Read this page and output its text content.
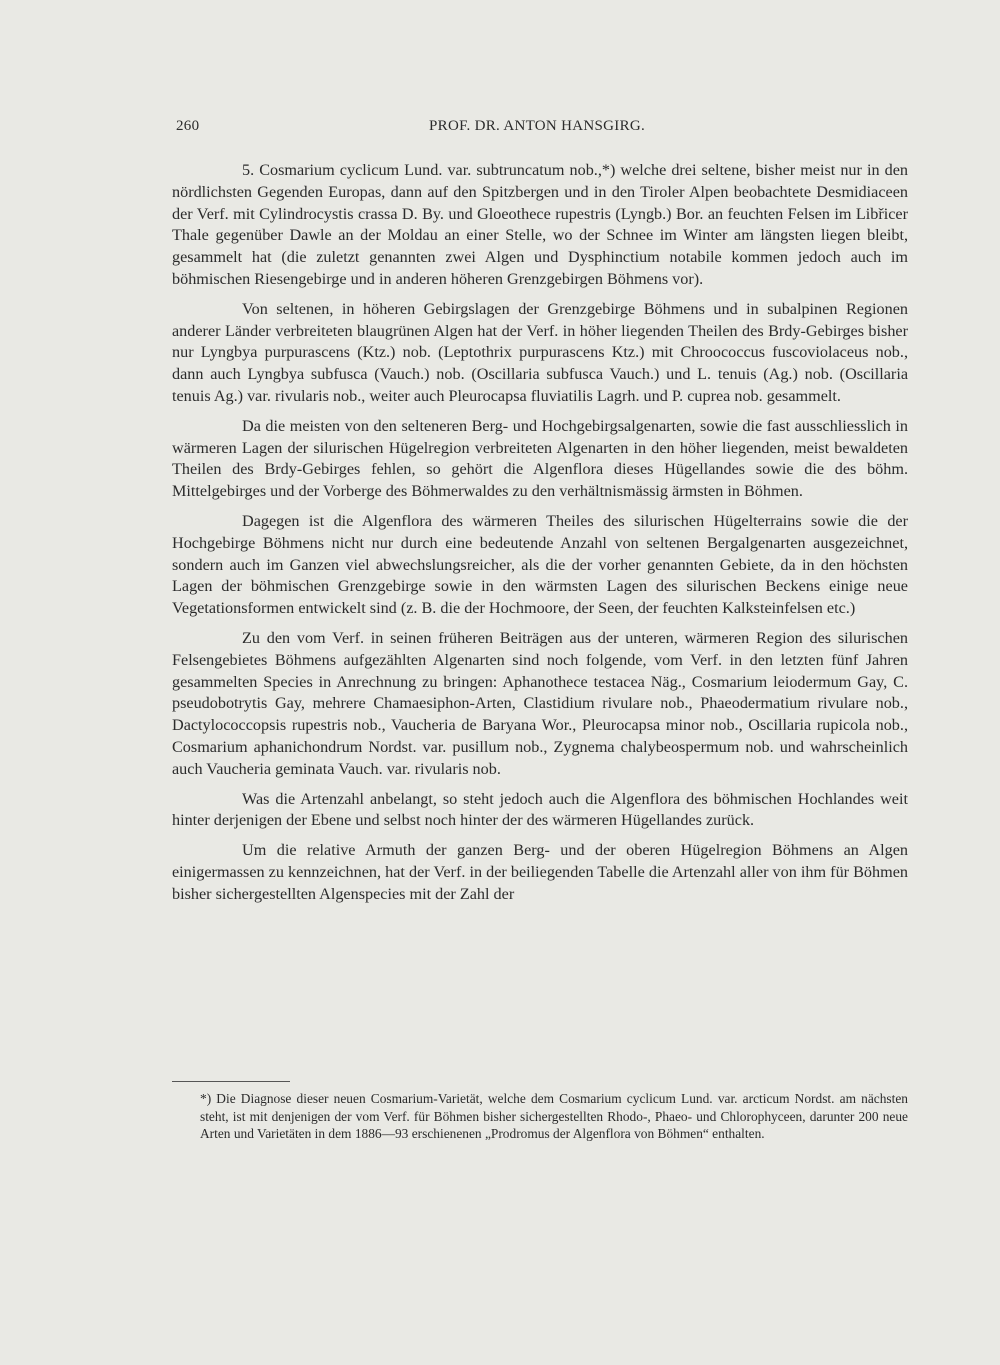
260	PROF. DR. ANTON HANSGIRG.

5. Cosmarium cyclicum Lund. var. subtruncatum nob.,*) welche drei seltene, bisher meist nur in den nördlichsten Gegenden Europas, dann auf den Spitzbergen und in den Tiroler Alpen beobachtete Desmidiaceen der Verf. mit Cylindrocystis crassa D. By. und Gloeothece rupestris (Lyngb.) Bor. an feuchten Felsen im Libřicer Thale gegenüber Dawle an der Moldau an einer Stelle, wo der Schnee im Winter am längsten liegen bleibt, gesammelt hat (die zuletzt genannten zwei Algen und Dysphinctium notabile kommen jedoch auch im böhmischen Riesengebirge und in anderen höheren Grenzgebirgen Böhmens vor).

Von seltenen, in höheren Gebirgslagen der Grenzgebirge Böhmens und in subalpinen Regionen anderer Länder verbreiteten blaugrünen Algen hat der Verf. in höher liegenden Theilen des Brdy-Gebirges bisher nur Lyngbya purpurascens (Ktz.) nob. (Leptothrix purpurascens Ktz.) mit Chroococcus fuscoviolaceus nob., dann auch Lyngbya subfusca (Vauch.) nob. (Oscillaria subfusca Vauch.) und L. tenuis (Ag.) nob. (Oscillaria tenuis Ag.) var. rivularis nob., weiter auch Pleurocapsa fluviatilis Lagrh. und P. cuprea nob. gesammelt.

Da die meisten von den selteneren Berg- und Hochgebirgsalgenarten, sowie die fast ausschliesslich in wärmeren Lagen der silurischen Hügelregion verbreiteten Algenarten in den höher liegenden, meist bewaldeten Theilen des Brdy-Gebirges fehlen, so gehört die Algenflora dieses Hügellandes sowie die des böhm. Mittelgebirges und der Vorberge des Böhmerwaldes zu den verhältnismässig ärmsten in Böhmen.

Dagegen ist die Algenflora des wärmeren Theiles des silurischen Hügelterrains sowie die der Hochgebirge Böhmens nicht nur durch eine bedeutende Anzahl von seltenen Bergalgenarten ausgezeichnet, sondern auch im Ganzen viel abwechslungsreicher, als die der vorher genannten Gebiete, da in den höchsten Lagen der böhmischen Grenzgebirge sowie in den wärmsten Lagen des silurischen Beckens einige neue Vegetationsformen entwickelt sind (z. B. die der Hochmoore, der Seen, der feuchten Kalksteinfelsen etc.)

Zu den vom Verf. in seinen früheren Beiträgen aus der unteren, wärmeren Region des silurischen Felsengebietes Böhmens aufgezählten Algenarten sind noch folgende, vom Verf. in den letzten fünf Jahren gesammelten Species in Anrechnung zu bringen: Aphanothece testacea Näg., Cosmarium leiodermum Gay, C. pseudobotrytis Gay, mehrere Chamaesiphon-Arten, Clastidium rivulare nob., Phaeodermatium rivulare nob., Dactylococcopsis rupestris nob., Vaucheria de Baryana Wor., Pleurocapsa minor nob., Oscillaria rupicola nob., Cosmarium aphanichondrum Nordst. var. pusillum nob., Zygnema chalybeospermum nob. und wahrscheinlich auch Vaucheria geminata Vauch. var. rivularis nob.

Was die Artenzahl anbelangt, so steht jedoch auch die Algenflora des böhmischen Hochlandes weit hinter derjenigen der Ebene und selbst noch hinter der des wärmeren Hügellandes zurück.

Um die relative Armuth der ganzen Berg- und der oberen Hügelregion Böhmens an Algen einigermassen zu kennzeichnen, hat der Verf. in der beiliegenden Tabelle die Artenzahl aller von ihm für Böhmen bisher sichergestellten Algenspecies mit der Zahl der

*) Die Diagnose dieser neuen Cosmarium-Varietät, welche dem Cosmarium cyclicum Lund. var. arcticum Nordst. am nächsten steht, ist mit denjenigen der vom Verf. für Böhmen bisher sichergestellten Rhodo-, Phaeo- und Chlorophyceen, darunter 200 neue Arten und Varietäten in dem 1886—93 erschienenen „Prodromus der Algenflora von Böhmen“ enthalten.
